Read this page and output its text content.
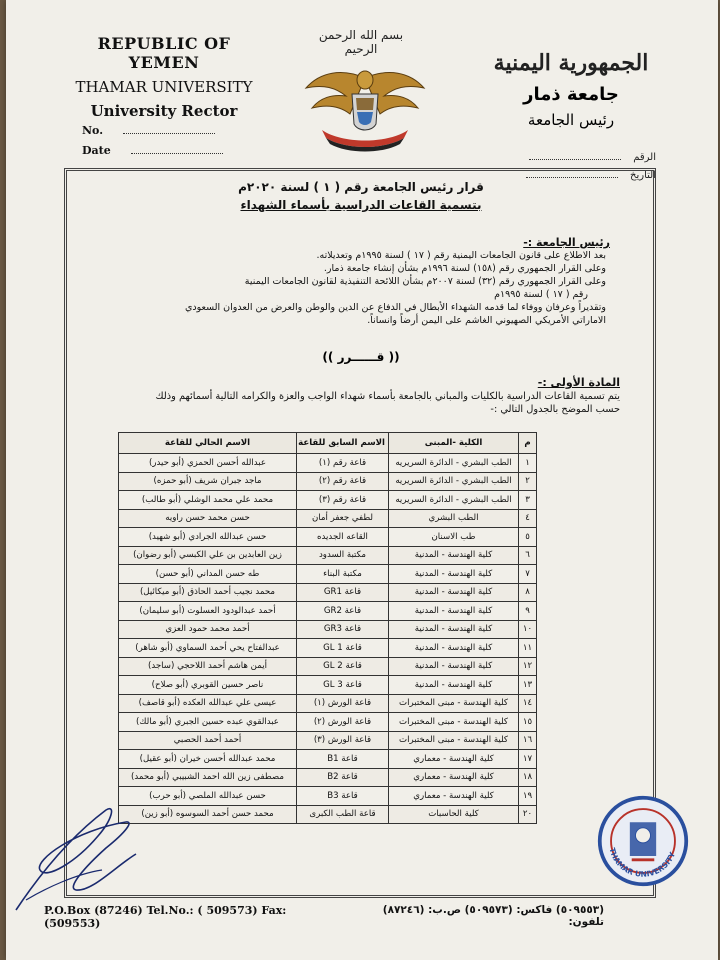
REPUBLIC OF YEMEN
THAMAR UNIVERSITY
University Rector
No.
Date
بسم الله الرحمن الرحيم
الجمهورية اليمنية
جامعة ذمار
رئيس الجامعة
الرقم
التاريخ
قرار رئيس الجامعة رقم ( ١ ) لسنة ٢٠٢٠م
بتسمية القاعات الدراسية بأسماء الشهداء
رئيس الجامعة :-
بعد الاطلاع على قانون الجامعات اليمنية رقم ( ١٧ ) لسنة ١٩٩٥م وتعديلاته.
وعلى القرار الجمهوري رقم (١٥٨) لسنة ١٩٩٦م بشأن إنشاء جامعة ذمار.
وعلى القرار الجمهوري رقم (٣٢) لسنة ٢٠٠٧م بشأن اللائحة التنفيذية لقانون الجامعات اليمنية
رقم ( ١٧ ) لسنة ١٩٩٥م
وتقديراً وعرفان ووفاء لما قدمه الشهداء الأبطال في الدفاع عن الدين والوطن والعرض من العدوان السعودي
الاماراتي الأمريكي الصهيوني الغاشم على اليمن أرضاً وانساناً.
(( قــــــرر ))
المادة الأولى :-
يتم تسمية القاعات الدراسية بالكليات والمباني بالجامعة بأسماء شهداء الواجب والعزة والكرامه التالية أسمائهم وذلك
حسب الموضح بالجدول التالي :-
م	الكلية -المبنى	الاسم السابق للقاعة	الاسم الحالي للقاعة
١	الطب البشري - الدائرة السريريه	قاعة رقم (١)	عبدالله أحسن الحمزي (أبو حيدر)
٢	الطب البشري - الدائرة السريريه	قاعة رقم (٢)	ماجد جبران شريف (أبو حمزه)
٣	الطب البشري - الدائرة السريريه	قاعة رقم (٣)	محمد علي محمد الوشلي (أبو طالب)
٤	الطب البشري	لطفي جعفر أمان	حسن محمد حسن راويه
٥	طب الاسنان	القاعه الجديده	حسن عبدالله الجرادي (أبو شهيد)
٦	كلية الهندسة - المدنية	مكتبة السدود	زين العابدين بن علي الكبسي (أبو رضوان)
٧	كلية الهندسة - المدنية	مكتبة البناء	طه حسن المداني (أبو حسن)
٨	كلية الهندسة - المدنية	قاعة GR1	محمد نجيب أحمد الحاذق (أبو ميكائيل)
٩	كلية الهندسة - المدنية	قاعة GR2	أحمد عبدالودود العسلوت (أبو سليمان)
١٠	كلية الهندسة - المدنية	قاعة GR3	أحمد محمد حمود العزي
١١	كلية الهندسة - المدنية	قاعة GL 1	عبدالفتاح يحي أحمد السماوي (أبو شاهر)
١٢	كلية الهندسة - المدنية	قاعة GL 2	أيمن هاشم أحمد اللاحجي (ساجد)
١٣	كلية الهندسة - المدنية	قاعة GL 3	ناصر حسين القوبري (أبو صلاح)
١٤	كلية الهندسة - مبنى المختبرات	قاعة الورش (١)	عيسى علي عبدالله العكده (أبو قاصف)
١٥	كلية الهندسة - مبنى المختبرات	قاعة الورش (٢)	عبدالقوي عبده حسين الجبري (أبو مالك)
١٦	كلية الهندسة - مبنى المختبرات	قاعة الورش (٣)	أحمد أحمد الحصبي
١٧	كلية الهندسة - معماري	قاعة B1	محمد عبدالله أحسن خيران (أبو عقيل)
١٨	كلية الهندسة - معماري	قاعة B2	مصطفى زين الله احمد الشبيبي (أبو محمد)
١٩	كلية الهندسة - معماري	قاعة B3	حسن عبدالله الملصي (أبو حرب)
٢٠	كلية الحاسبات	قاعة الطب الكبرى	محمد حسن أحمد السوسوه (أبو زين)
THAMAR UNIVERSITY
P.O.Box (87246) Tel.No.: ( 509573) Fax: (509553)
(٥٠٩٥٥٣) فاكس: (٥٠٩٥٧٣) ص.ب: (٨٧٢٤٦) تلفون:
